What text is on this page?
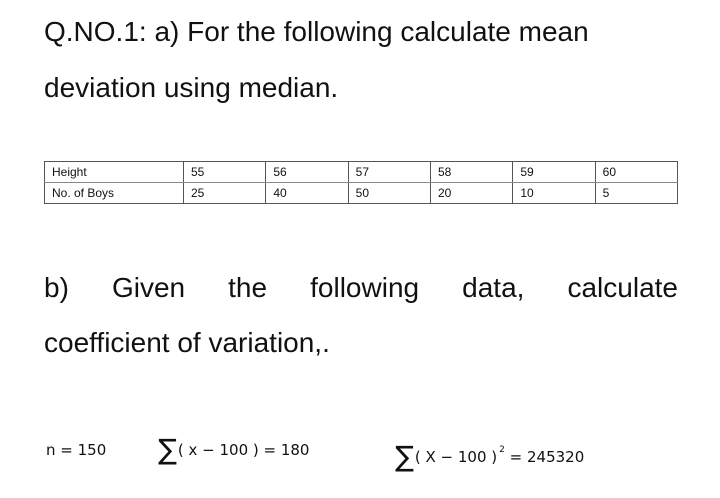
Q.NO.1: a) For the following calculate mean
deviation using median.
Height	55	56	57	58	59	60
No. of Boys	25	40	50	20	10	5
b) Given the following data, calculate
coefficient of variation,.
n = 150 ∑( x − 100 ) = 180	∑( X − 100 ) $^2$ = 245320
